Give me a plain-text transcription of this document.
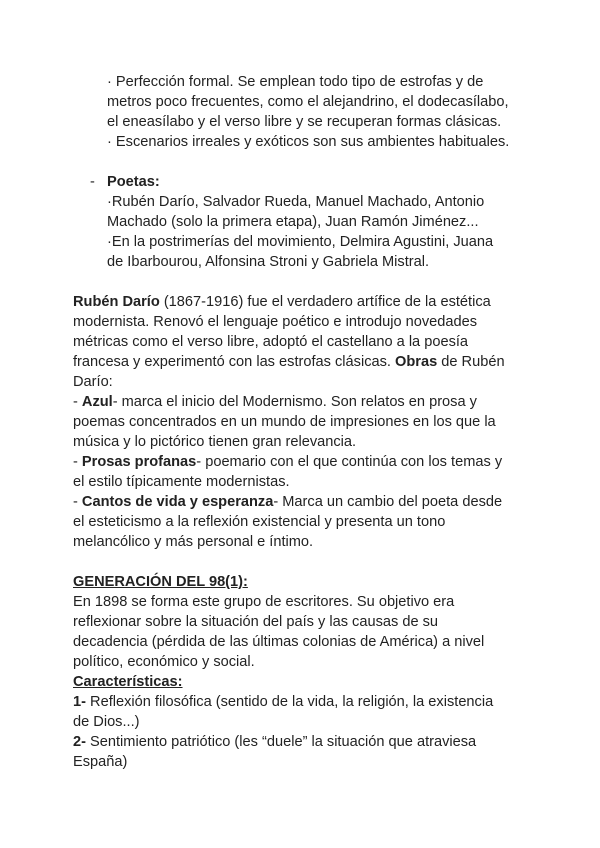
· Perfección formal. Se emplean todo tipo de estrofas y de
metros poco frecuentes, como el alejandrino, el dodecasílabo,
el eneasílabo y el verso libre y se recuperan formas clásicas.
· Escenarios irreales y exóticos son sus ambientes habituales.
- Poetas:
·Rubén Darío, Salvador Rueda, Manuel Machado, Antonio
Machado (solo la primera etapa), Juan Ramón Jiménez...
·En la postrimerías del movimiento, Delmira Agustini, Juana
de Ibarbourou, Alfonsina Stroni y Gabriela Mistral.
Rubén Darío (1867-1916) fue el verdadero artífice de la estética
modernista. Renovó el lenguaje poético e introdujo novedades
métricas como el verso libre, adoptó el castellano a la poesía
francesa y experimentó con las estrofas clásicas. Obras de Rubén
Darío:
- Azul- marca el inicio del Modernismo. Son relatos en prosa y
poemas concentrados en un mundo de impresiones en los que la
música y lo pictórico tienen gran relevancia.
- Prosas profanas- poemario con el que continúa con los temas y
el estilo típicamente modernistas.
- Cantos de vida y esperanza- Marca un cambio del poeta desde
el esteticismo a la reflexión existencial y presenta un tono
melancólico y más personal e íntimo.
GENERACIÓN DEL 98(1):
En 1898 se forma este grupo de escritores. Su objetivo era
reflexionar sobre la situación del país y las causas de su
decadencia (pérdida de las últimas colonias de América) a nivel
político, económico y social.
Características:
1- Reflexión filosófica (sentido de la vida, la religión, la existencia
de Dios...)
2- Sentimiento patriótico (les “duele” la situación que atraviesa
España)
